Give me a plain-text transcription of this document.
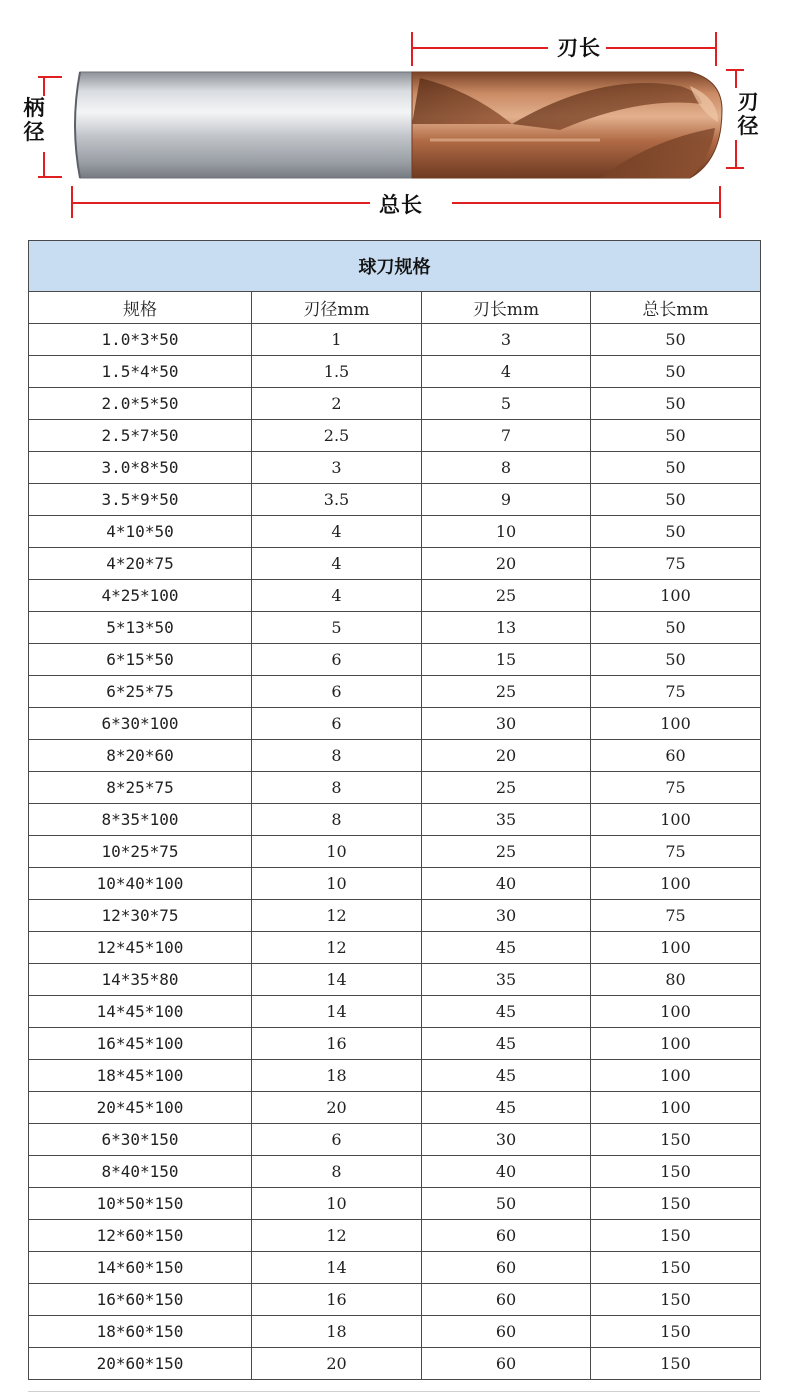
刃长
刃径
柄径
总长
球刀规格			
规格	刃径mm	刃长mm	总长mm
1.0*3*50	1	3	50
1.5*4*50	1.5	4	50
2.0*5*50	2	5	50
2.5*7*50	2.5	7	50
3.0*8*50	3	8	50
3.5*9*50	3.5	9	50
4*10*50	4	10	50
4*20*75	4	20	75
4*25*100	4	25	100
5*13*50	5	13	50
6*15*50	6	15	50
6*25*75	6	25	75
6*30*100	6	30	100
8*20*60	8	20	60
8*25*75	8	25	75
8*35*100	8	35	100
10*25*75	10	25	75
10*40*100	10	40	100
12*30*75	12	30	75
12*45*100	12	45	100
14*35*80	14	35	80
14*45*100	14	45	100
16*45*100	16	45	100
18*45*100	18	45	100
20*45*100	20	45	100
6*30*150	6	30	150
8*40*150	8	40	150
10*50*150	10	50	150
12*60*150	12	60	150
14*60*150	14	60	150
16*60*150	16	60	150
18*60*150	18	60	150
20*60*150	20	60	150
